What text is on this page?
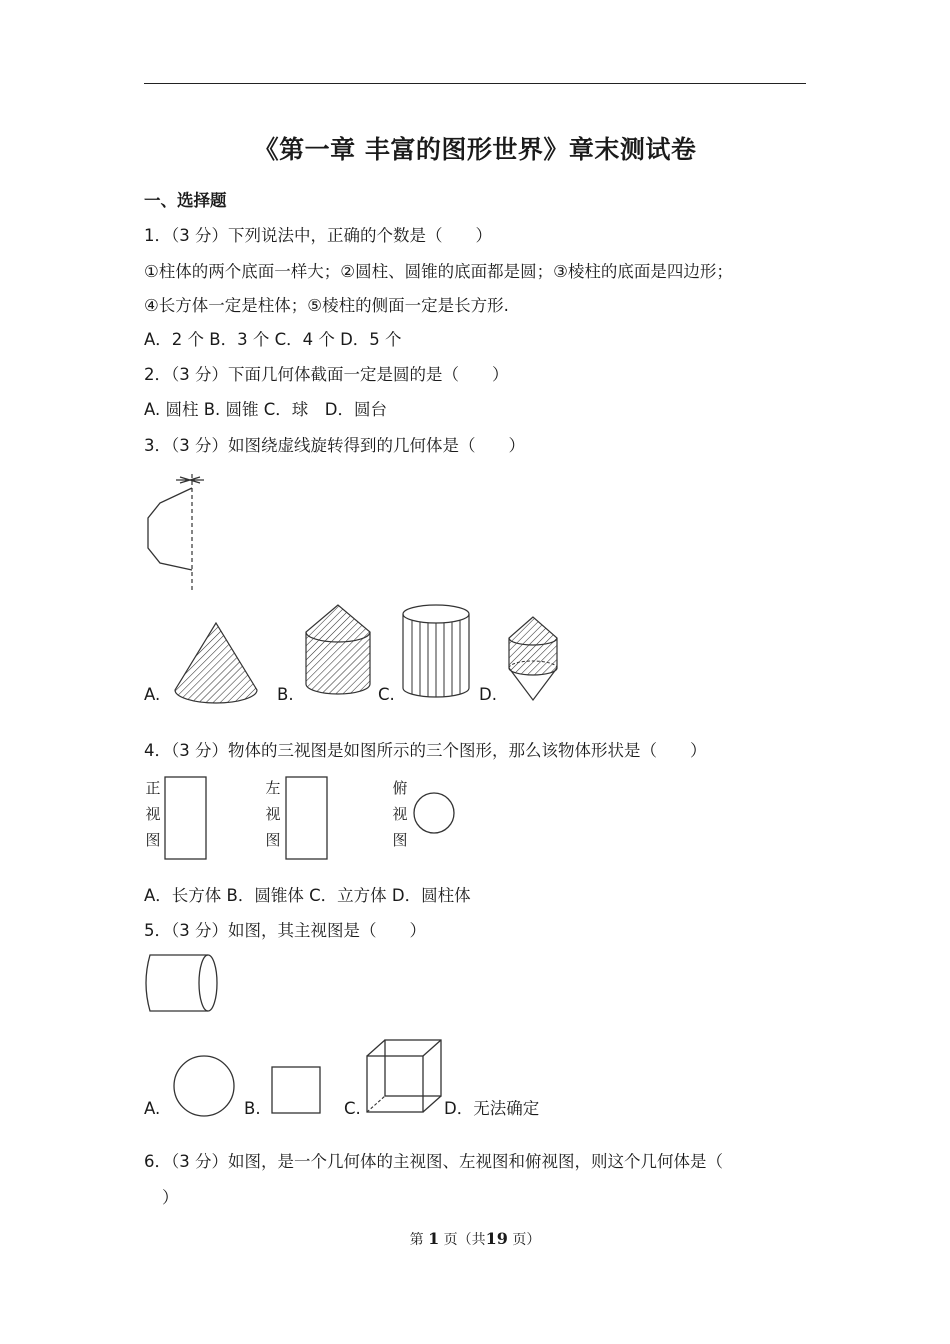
《第一章 丰富的图形世界》章末测试卷
一、选择题
1．（3 分）下列说法中，正确的个数是（　　）
①柱体的两个底面一样大；②圆柱、圆锥的底面都是圆；③棱柱的底面是四边形；
④长方体一定是柱体；⑤棱柱的侧面一定是长方形.
A．2 个 B．3 个 C．4 个 D．5 个
2．（3 分）下面几何体截面一定是圆的是（　　）
A. 圆柱 B. 圆锥 C．球　D．圆台
3．（3 分）如图绕虚线旋转得到的几何体是（　　）
A.	B.	C.	D.
4．（3 分）物体的三视图是如图所示的三个图形，那么该物体形状是（　　）
正
视
图
左
视
图
俯
视
图
A．长方体 B．圆锥体 C．立方体 D．圆柱体
5．（3 分）如图，其主视图是（　　）
A.	B.	C.	D．无法确定
6．（3 分）如图，是一个几何体的主视图、左视图和俯视图，则这个几何体是（
）
第 1 页（共19 页）
